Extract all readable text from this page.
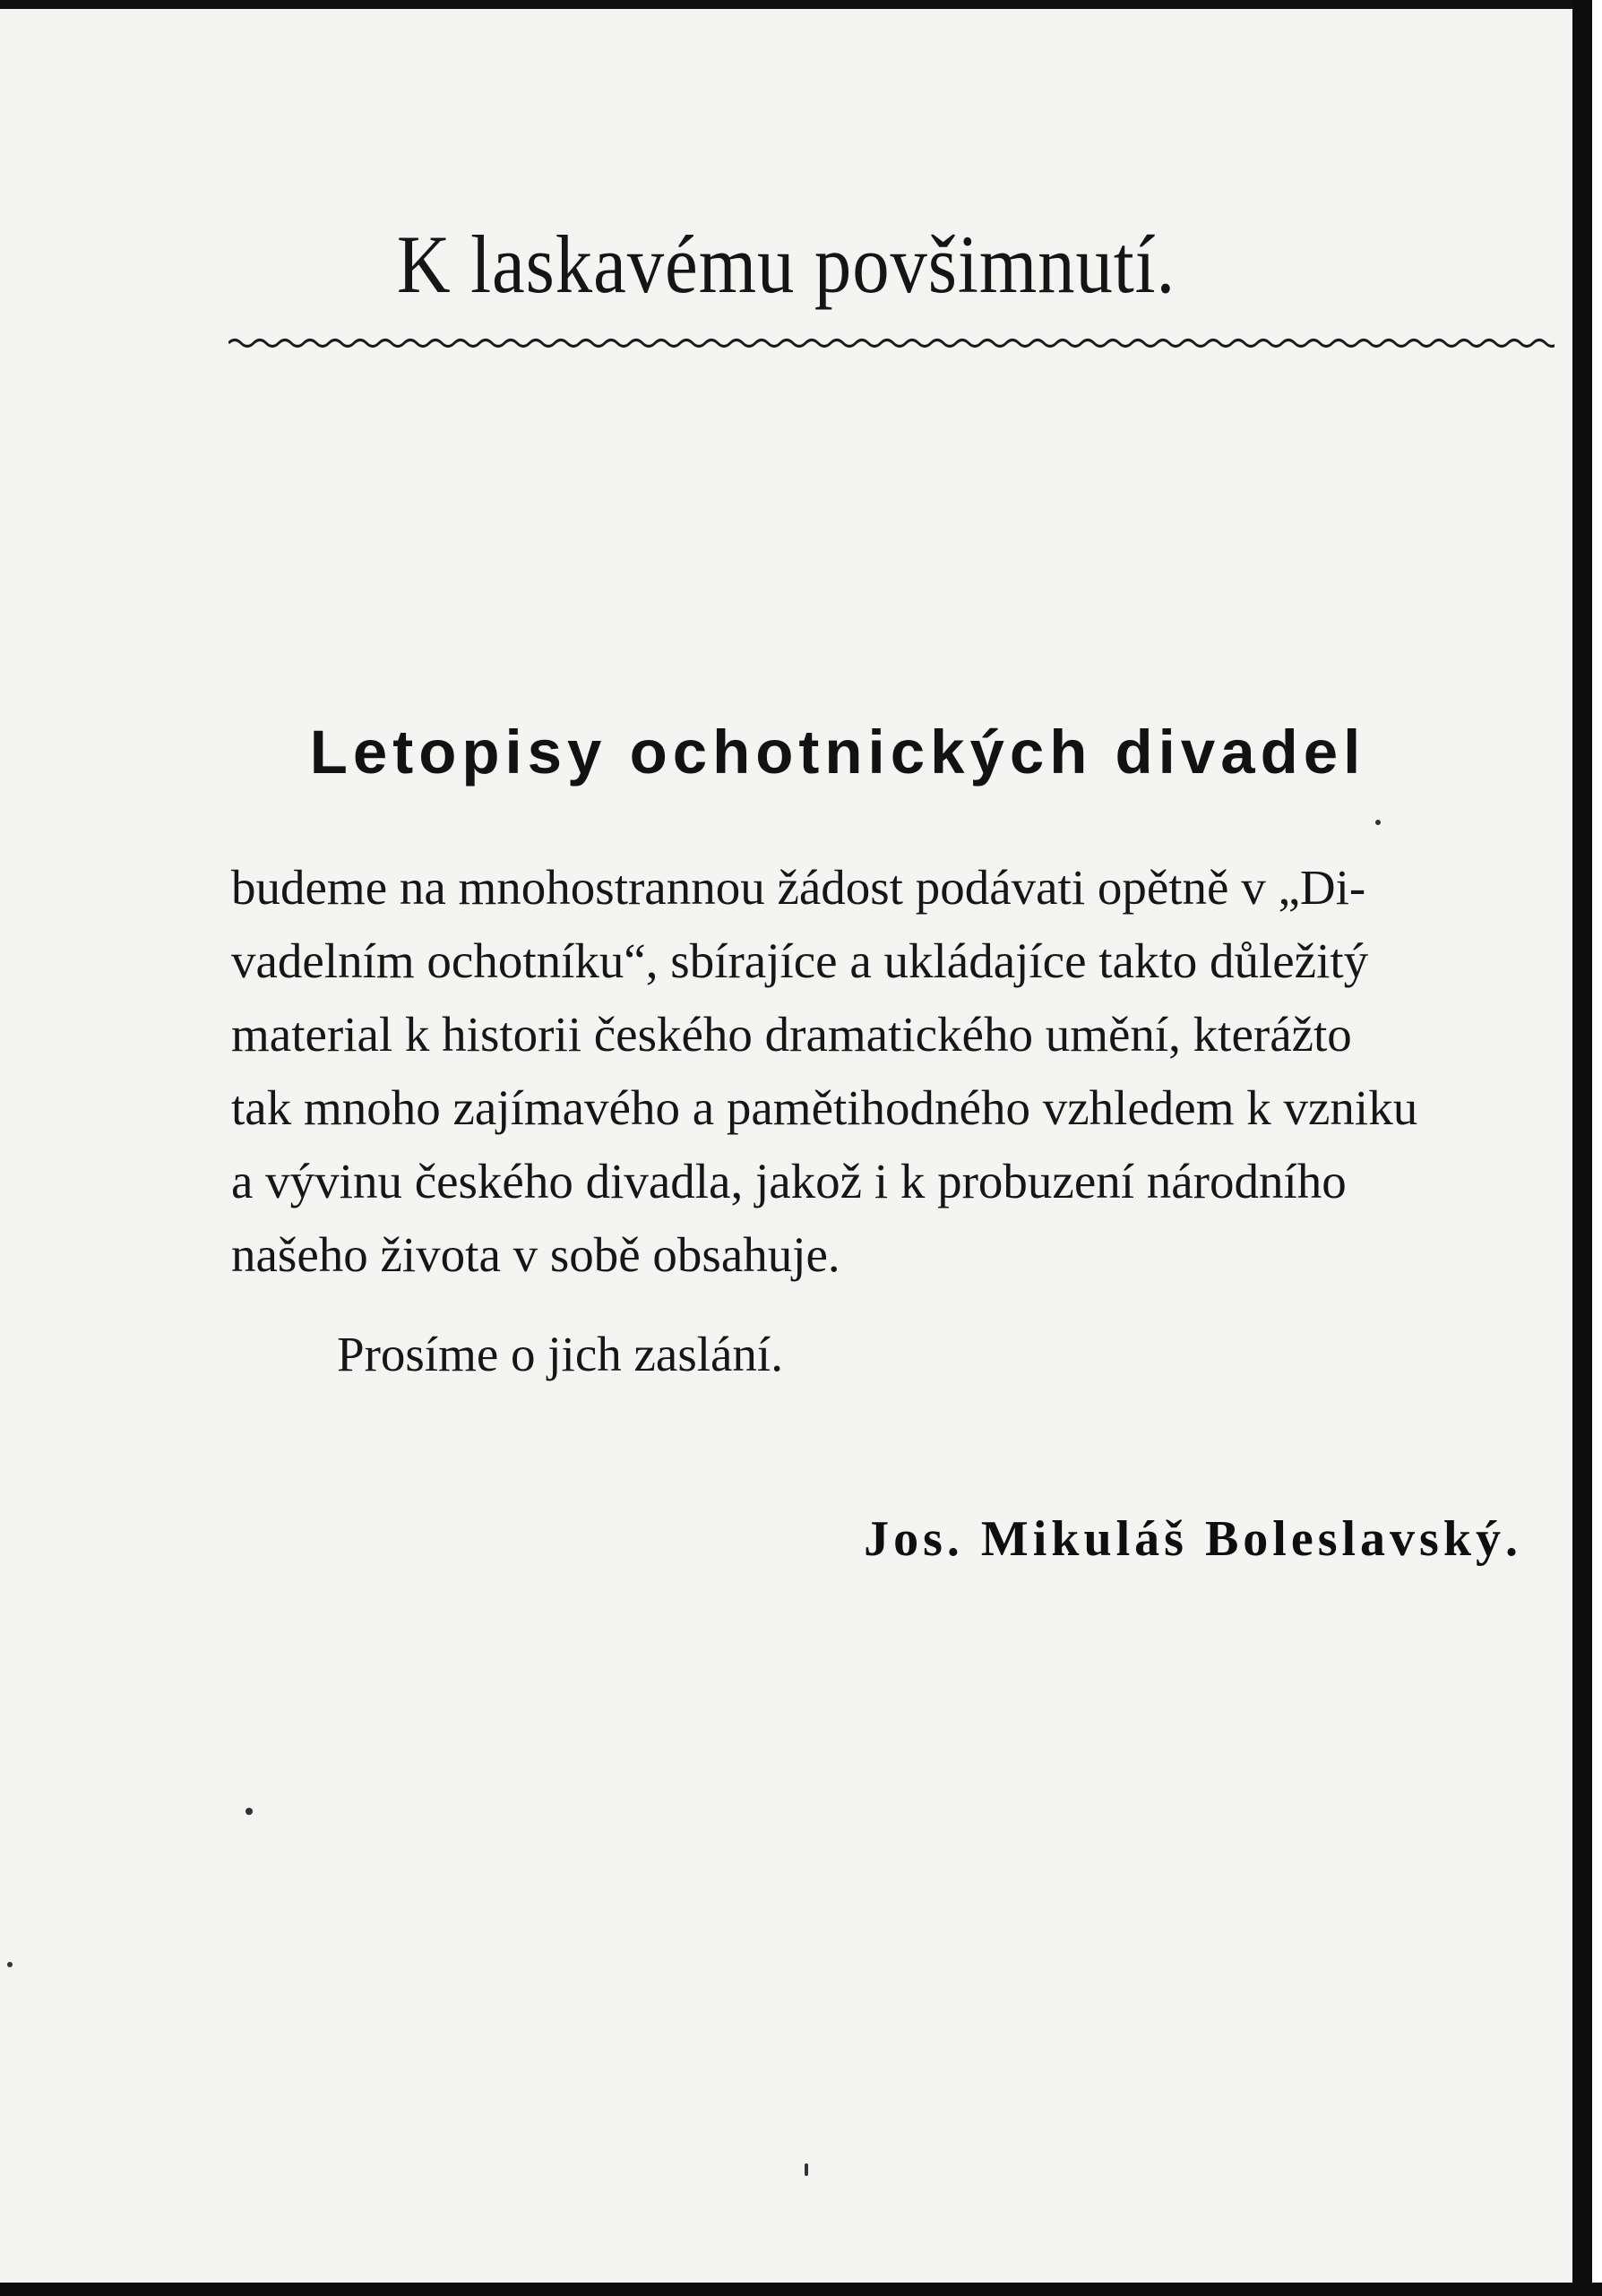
K laskavému povšimnutí.
Letopisy ochotnických divadel
budeme na mnohostrannou žádost podávati opětně v „Di-
vadelním ochotníku“, sbírajíce a ukládajíce takto důležitý
material k historii českého dramatického umění, kterážto
tak mnoho zajímavého a pamětihodného vzhledem k vzniku
a vývinu českého divadla, jakož i k probuzení národního
našeho života v sobě obsahuje.
Prosíme o jich zaslání.
Jos. Mikuláš Boleslavský.
